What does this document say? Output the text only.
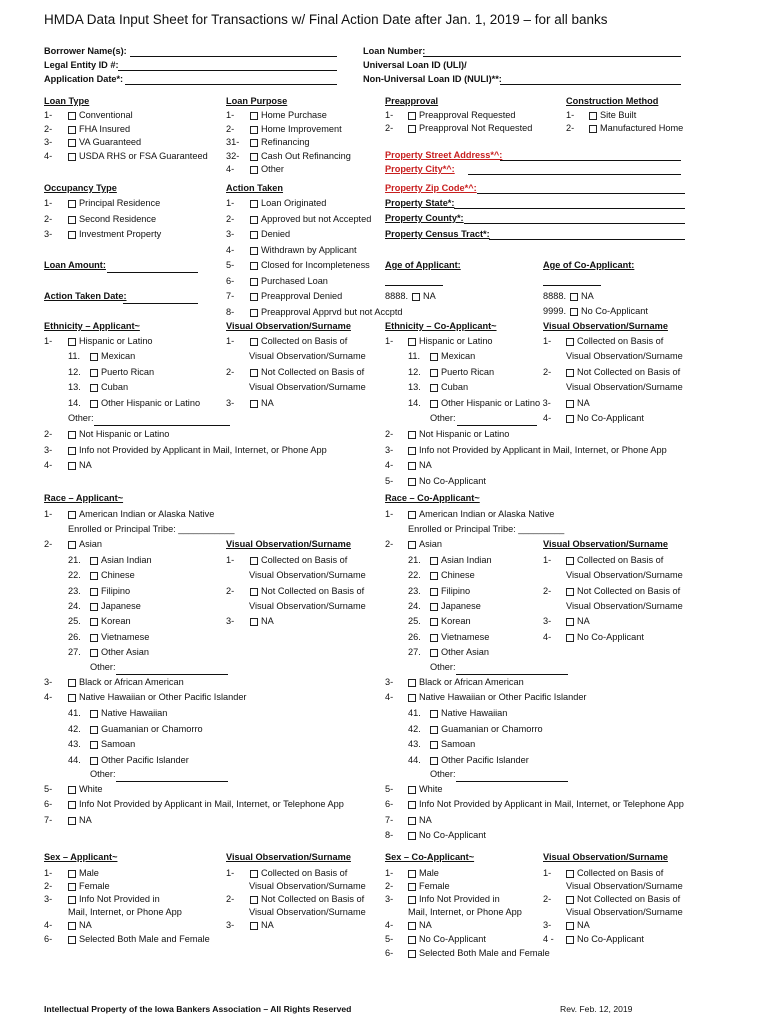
HMDA Data Input Sheet for Transactions w/ Final Action Date after Jan. 1, 2019 – for all banks
Borrower Name(s):
Legal Entity ID #:
Application Date*:
Loan Number:
Universal Loan ID (ULI)/
Non-Universal Loan ID (NULI)**:
Loan Type
1-	Conventional
2-	FHA Insured
3-	VA Guaranteed
4-	USDA RHS or FSA Guaranteed
Loan Purpose
1-	Home Purchase
2-	Home Improvement
31- Refinancing
32- Cash Out Refinancing
4-	Other
Preapproval
1-	Preapproval Requested
2-	Preapproval Not Requested
Construction Method
1-	Site Built
2-	Manufactured Home
Property Street Address*^:
Property City*^:
Property Zip Code*^:
Property State*:
Property County*:
Property Census Tract*:
Occupancy Type
1-	Principal Residence
2-	Second Residence
3-	Investment Property
Action Taken
1-	Loan Originated
2-	Approved but not Accepted
3-	Denied
4-	Withdrawn by Applicant
5-	Closed for Incompleteness
6-	Purchased Loan
7-	Preapproval Denied
8-	Preapproval Apprvd but not Accptd
Loan Amount:
Action Taken Date:
Age of Applicant:
8888. NA
Age of Co-Applicant:
8888. NA
9999. No Co-Applicant
Ethnicity – Applicant~
1-	Hispanic or Latino
11. Mexican
12. Puerto Rican
13. Cuban
14. Other Hispanic or Latino
Other:
2-	Not Hispanic or Latino
3-	Info not Provided by Applicant in Mail, Internet, or Phone App
4-	NA
Visual Observation/Surname
1-	Collected on Basis of
Visual Observation/Surname
2-	Not Collected on Basis of
Visual Observation/Surname
3-	NA
Ethnicity – Co-Applicant~
1-	Hispanic or Latino
11. Mexican
12. Puerto Rican
13. Cuban
14. Other Hispanic or Latino 3-
Other:
2-	Not Hispanic or Latino
3-	Info not Provided by Applicant in Mail, Internet, or Phone App
4-	NA
5-	No Co-Applicant
Visual Observation/Surname
1-	Collected on Basis of
Visual Observation/Surname
2-	Not Collected on Basis of
Visual Observation/Surname
NA
4-	No Co-Applicant
Race – Applicant~
1-	American Indian or Alaska Native
Enrolled or Principal Tribe: ___________
2-	Asian
21. Asian Indian
22. Chinese
23. Filipino
24. Japanese
25. Korean
26. Vietnamese
27. Other Asian
Other:
3-	Black or African American
4-	Native Hawaiian or Other Pacific Islander
41. Native Hawaiian
42. Guamanian or Chamorro
43. Samoan
44. Other Pacific Islander
Other:
5-	White
6-	Info Not Provided by Applicant in Mail, Internet, or Telephone App
7-	NA
Visual Observation/Surname
1-	Collected on Basis of
Visual Observation/Surname
2-	Not Collected on Basis of
Visual Observation/Surname
3-	NA
Race – Co-Applicant~
1-	American Indian or Alaska Native
Enrolled or Principal Tribe: _________
2-	Asian
21. Asian Indian
22. Chinese
23. Filipino
24. Japanese
25. Korean
26. Vietnamese
27. Other Asian
Other:
3-	Black or African American
4-	Native Hawaiian or Other Pacific Islander
41. Native Hawaiian
42. Guamanian or Chamorro
43. Samoan
44. Other Pacific Islander
Other:
5-	White
6-	Info Not Provided by Applicant in Mail, Internet, or Telephone App
7-	NA
8-	No Co-Applicant
Visual Observation/Surname
1-	Collected on Basis of
Visual Observation/Surname
2-	Not Collected on Basis of
Visual Observation/Surname
3-	NA
4-	No Co-Applicant
Sex – Applicant~
1-	Male
2-	Female
3-	Info Not Provided in
4-	NA
6-	Selected Both Male and Female
Mail, Internet, or Phone App
Visual Observation/Surname
1-	Collected on Basis of
Visual Observation/Surname
2-	Not Collected on Basis of
Visual Observation/Surname
3-	NA
Sex – Co-Applicant~
1-	Male
2-	Female
3-	Info Not Provided in
4-	NA
5-	No Co-Applicant
6-	Selected Both Male and Female
Mail, Internet, or Phone App
Visual Observation/Surname
1-	Collected on Basis of
Visual Observation/Surname
2-	Not Collected on Basis of
Visual Observation/Surname
3-	NA
4 -	No Co-Applicant
Intellectual Property of the Iowa Bankers Association – All Rights Reserved	Rev. Feb. 12, 2019
